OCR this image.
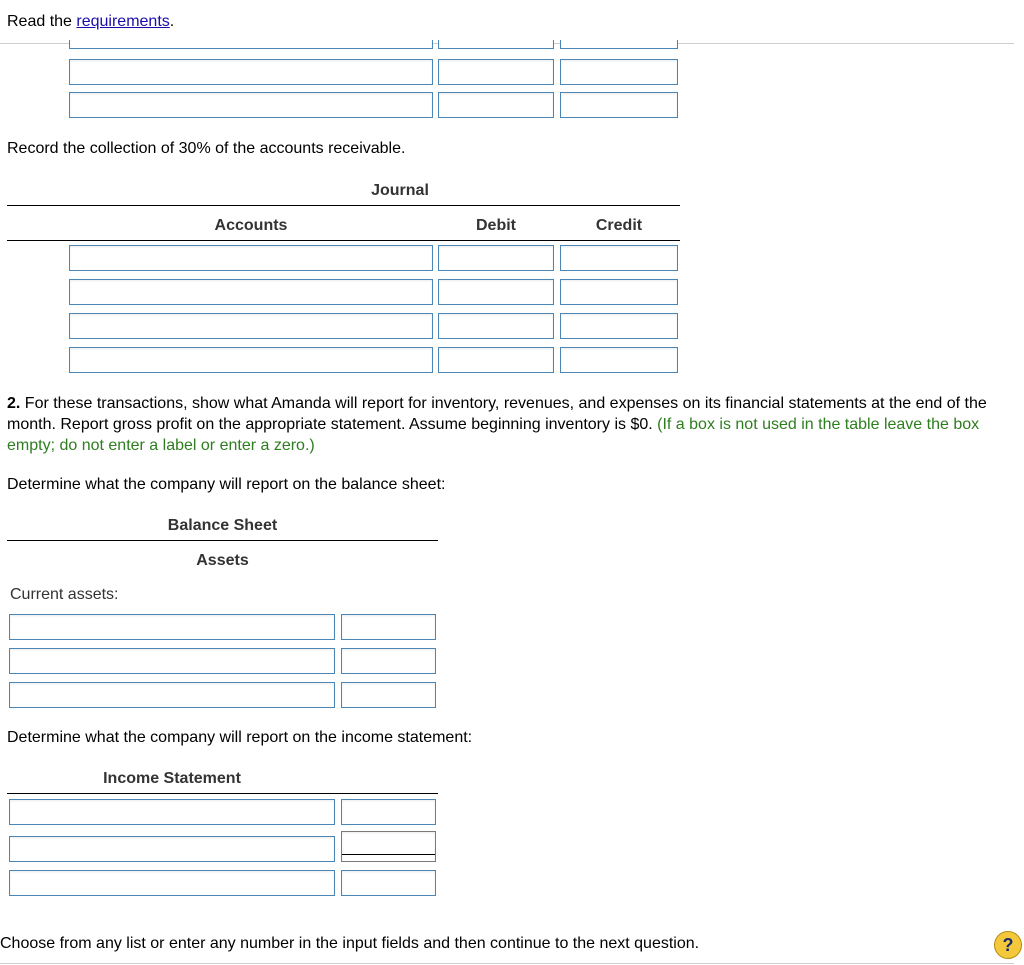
Read the requirements.
Record the collection of 30% of the accounts receivable.
Journal
Accounts	Debit	Credit
2. For these transactions, show what Amanda will report for inventory, revenues, and expenses on its financial statements at the end of the month. Report gross profit on the appropriate statement. Assume beginning inventory is $0. (If a box is not used in the table leave the box empty; do not enter a label or enter a zero.)
Determine what the company will report on the balance sheet:
Balance Sheet
Assets
Current assets:
Determine what the company will report on the income statement:
Income Statement
Choose from any list or enter any number in the input fields and then continue to the next question.	?
